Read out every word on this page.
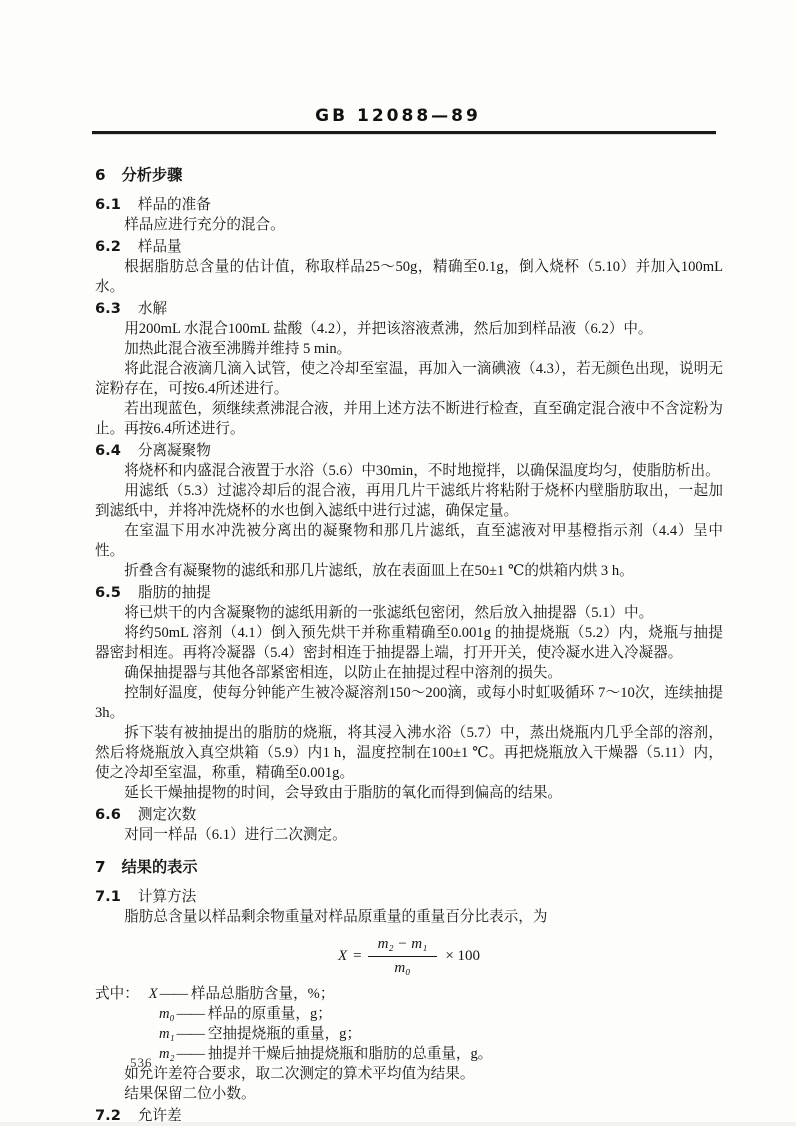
GB 12088—89

6 分析步骤

6.1 样品的准备

样品应进行充分的混合。

6.2 样品量

根据脂肪总含量的估计值，称取样品25～50g，精确至0.1g，倒入烧杯（5.10）并加入100mL 水。

6.3 水解

用200mL 水混合100mL 盐酸（4.2），并把该溶液煮沸，然后加到样品液（6.2）中。

加热此混合液至沸腾并维持 5 min。

将此混合液滴几滴入试管，使之冷却至室温，再加入一滴碘液（4.3），若无颜色出现，说明无淀粉存在，可按6.4所述进行。

若出现蓝色，须继续煮沸混合液，并用上述方法不断进行检查，直至确定混合液中不含淀粉为止。再按6.4所述进行。

6.4 分离凝聚物

将烧杯和内盛混合液置于水浴（5.6）中30min，不时地搅拌，以确保温度均匀，使脂肪析出。

用滤纸（5.3）过滤冷却后的混合液，再用几片干滤纸片将粘附于烧杯内壁脂肪取出，一起加到滤纸中，并将冲洗烧杯的水也倒入滤纸中进行过滤，确保定量。

在室温下用水冲洗被分离出的凝聚物和那几片滤纸，直至滤液对甲基橙指示剂（4.4）呈中性。

折叠含有凝聚物的滤纸和那几片滤纸，放在表面皿上在50±1 ℃的烘箱内烘 3 h。

6.5 脂肪的抽提

将已烘干的内含凝聚物的滤纸用新的一张滤纸包密闭，然后放入抽提器（5.1）中。

将约50mL 溶剂（4.1）倒入预先烘干并称重精确至0.001g 的抽提烧瓶（5.2）内，烧瓶与抽提器密封相连。再将冷凝器（5.4）密封相连于抽提器上端，打开开关，使冷凝水进入冷凝器。

确保抽提器与其他各部紧密相连，以防止在抽提过程中溶剂的损失。

控制好温度，使每分钟能产生被冷凝溶剂150～200滴，或每小时虹吸循环 7～10次，连续抽提3h。

拆下装有被抽提出的脂肪的烧瓶，将其浸入沸水浴（5.7）中，蒸出烧瓶内几乎全部的溶剂，然后将烧瓶放入真空烘箱（5.9）内1 h，温度控制在100±1 ℃。再把烧瓶放入干燥器（5.11）内，使之冷却至室温，称重，精确至0.001g。

延长干燥抽提物的时间，会导致由于脂肪的氧化而得到偏高的结果。

6.6 测定次数

对同一样品（6.1）进行二次测定。

7 结果的表示

7.1 计算方法

脂肪总含量以样品剩余物重量对样品原重量的重量百分比表示，为

$X = \frac{\text{m₂ − m₁}}{\text{m₀}} \times 100$

式中： X —— 样品总脂肪含量，%；

m₀ —— 样品的原重量，g；

m₁ —— 空抽提烧瓶的重量，g；

m₂ —— 抽提并干燥后抽提烧瓶和脂肪的总重量，g。

如允许差符合要求，取二次测定的算术平均值为结果。

结果保留二位小数。

7.2 允许差

536
